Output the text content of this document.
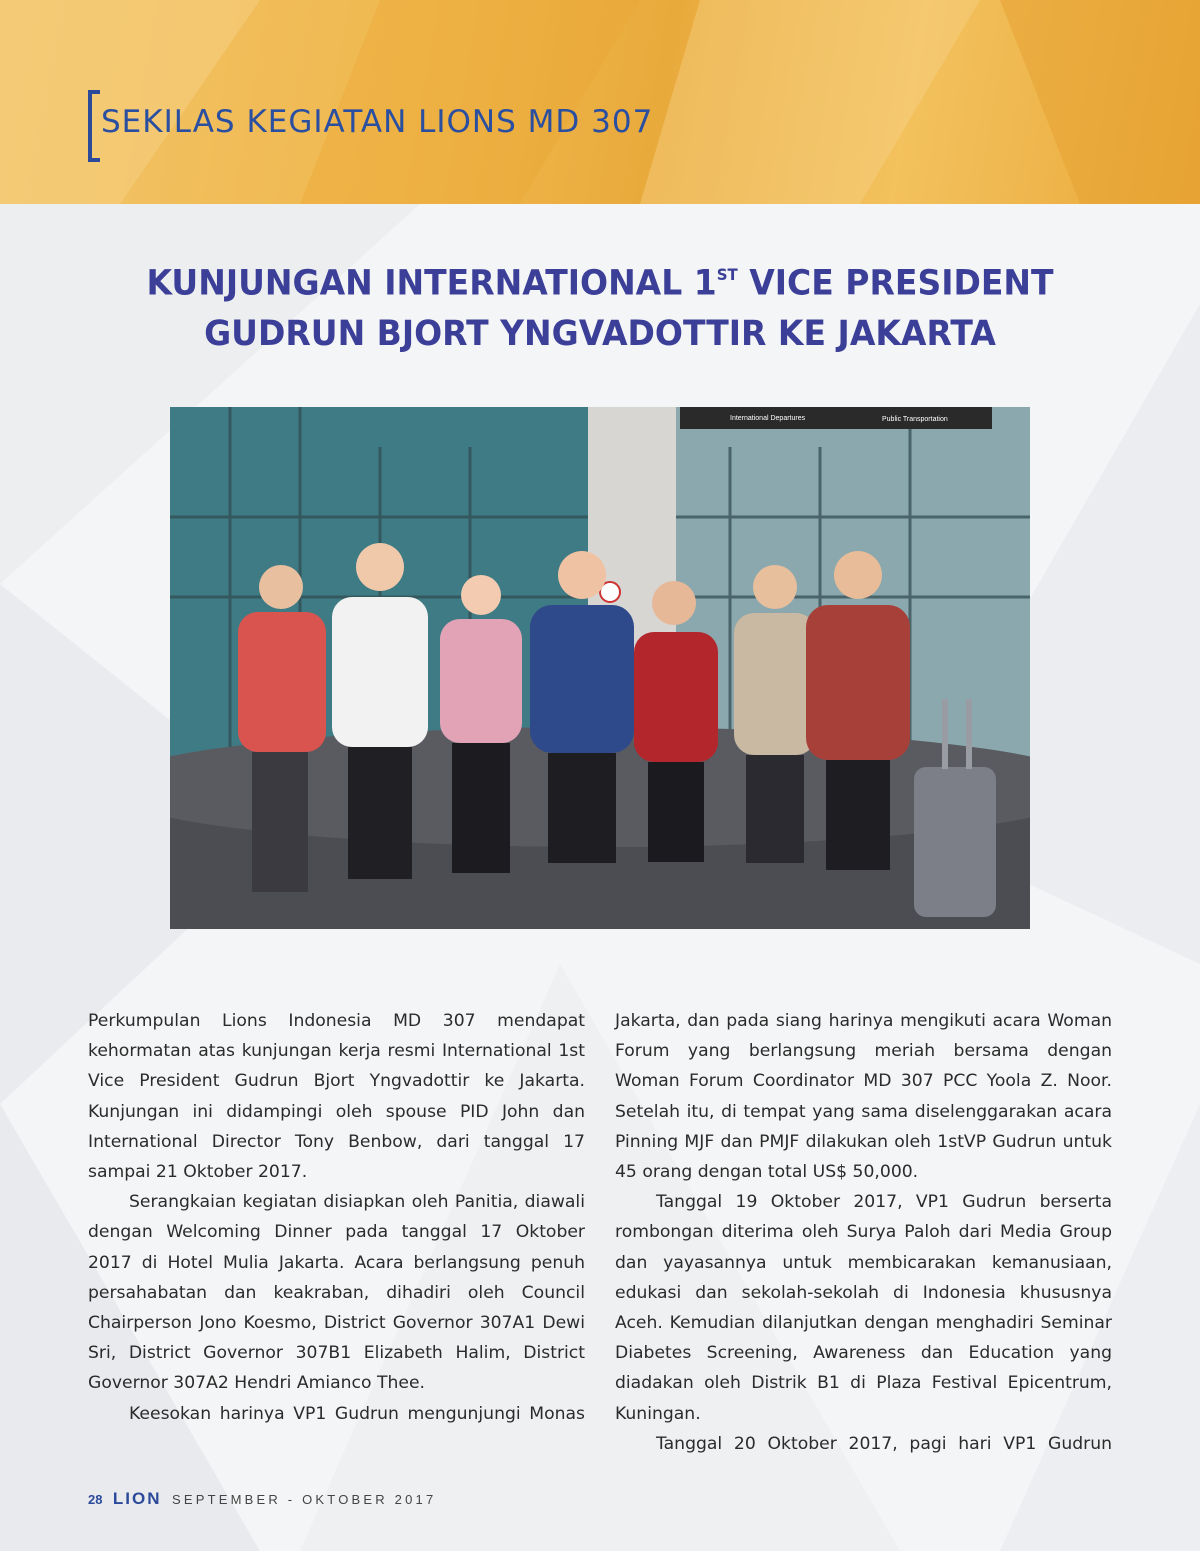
SEKILAS KEGIATAN LIONS MD 307
KUNJUNGAN INTERNATIONAL 1ST VICE PRESIDENT
GUDRUN BJORT YNGVADOTTIR KE JAKARTA
International Departures	Public Transportation

Perkumpulan Lions Indonesia MD 307 mendapat kehormatan atas kunjungan kerja resmi International 1st Vice President Gudrun Bjort Yngvadottir ke Jakarta. Kunjungan ini didampingi oleh spouse PID John dan International Director Tony Benbow, dari tanggal 17 sampai 21 Oktober 2017.

Serangkaian kegiatan disiapkan oleh Panitia, diawali dengan Welcoming Dinner pada tanggal 17 Oktober 2017 di Hotel Mulia Jakarta. Acara berlangsung penuh persahabatan dan keakraban, dihadiri oleh Council Chairperson Jono Koesmo, District Governor 307A1 Dewi Sri, District Governor 307B1 Elizabeth Halim, District Governor 307A2 Hendri Amianco Thee.

Keesokan harinya VP1 Gudrun mengunjungi Monas

Jakarta, dan pada siang harinya mengikuti acara Woman Forum yang berlangsung meriah bersama dengan Woman Forum Coordinator MD 307 PCC Yoola Z. Noor. Setelah itu, di tempat yang sama diselenggarakan acara Pinning MJF dan PMJF dilakukan oleh 1stVP Gudrun untuk 45 orang dengan total US$ 50,000.

Tanggal 19 Oktober 2017, VP1 Gudrun berserta rombongan diterima oleh Surya Paloh dari Media Group dan yayasannya untuk membicarakan kemanusiaan, edukasi dan sekolah-sekolah di Indonesia khususnya Aceh. Kemudian dilanjutkan dengan menghadiri Seminar Diabetes Screening, Awareness dan Education yang diadakan oleh Distrik B1 di Plaza Festival Epicentrum, Kuningan.

Tanggal 20 Oktober 2017, pagi hari VP1 Gudrun

28 LION SEPTEMBER - OKTOBER 2017
